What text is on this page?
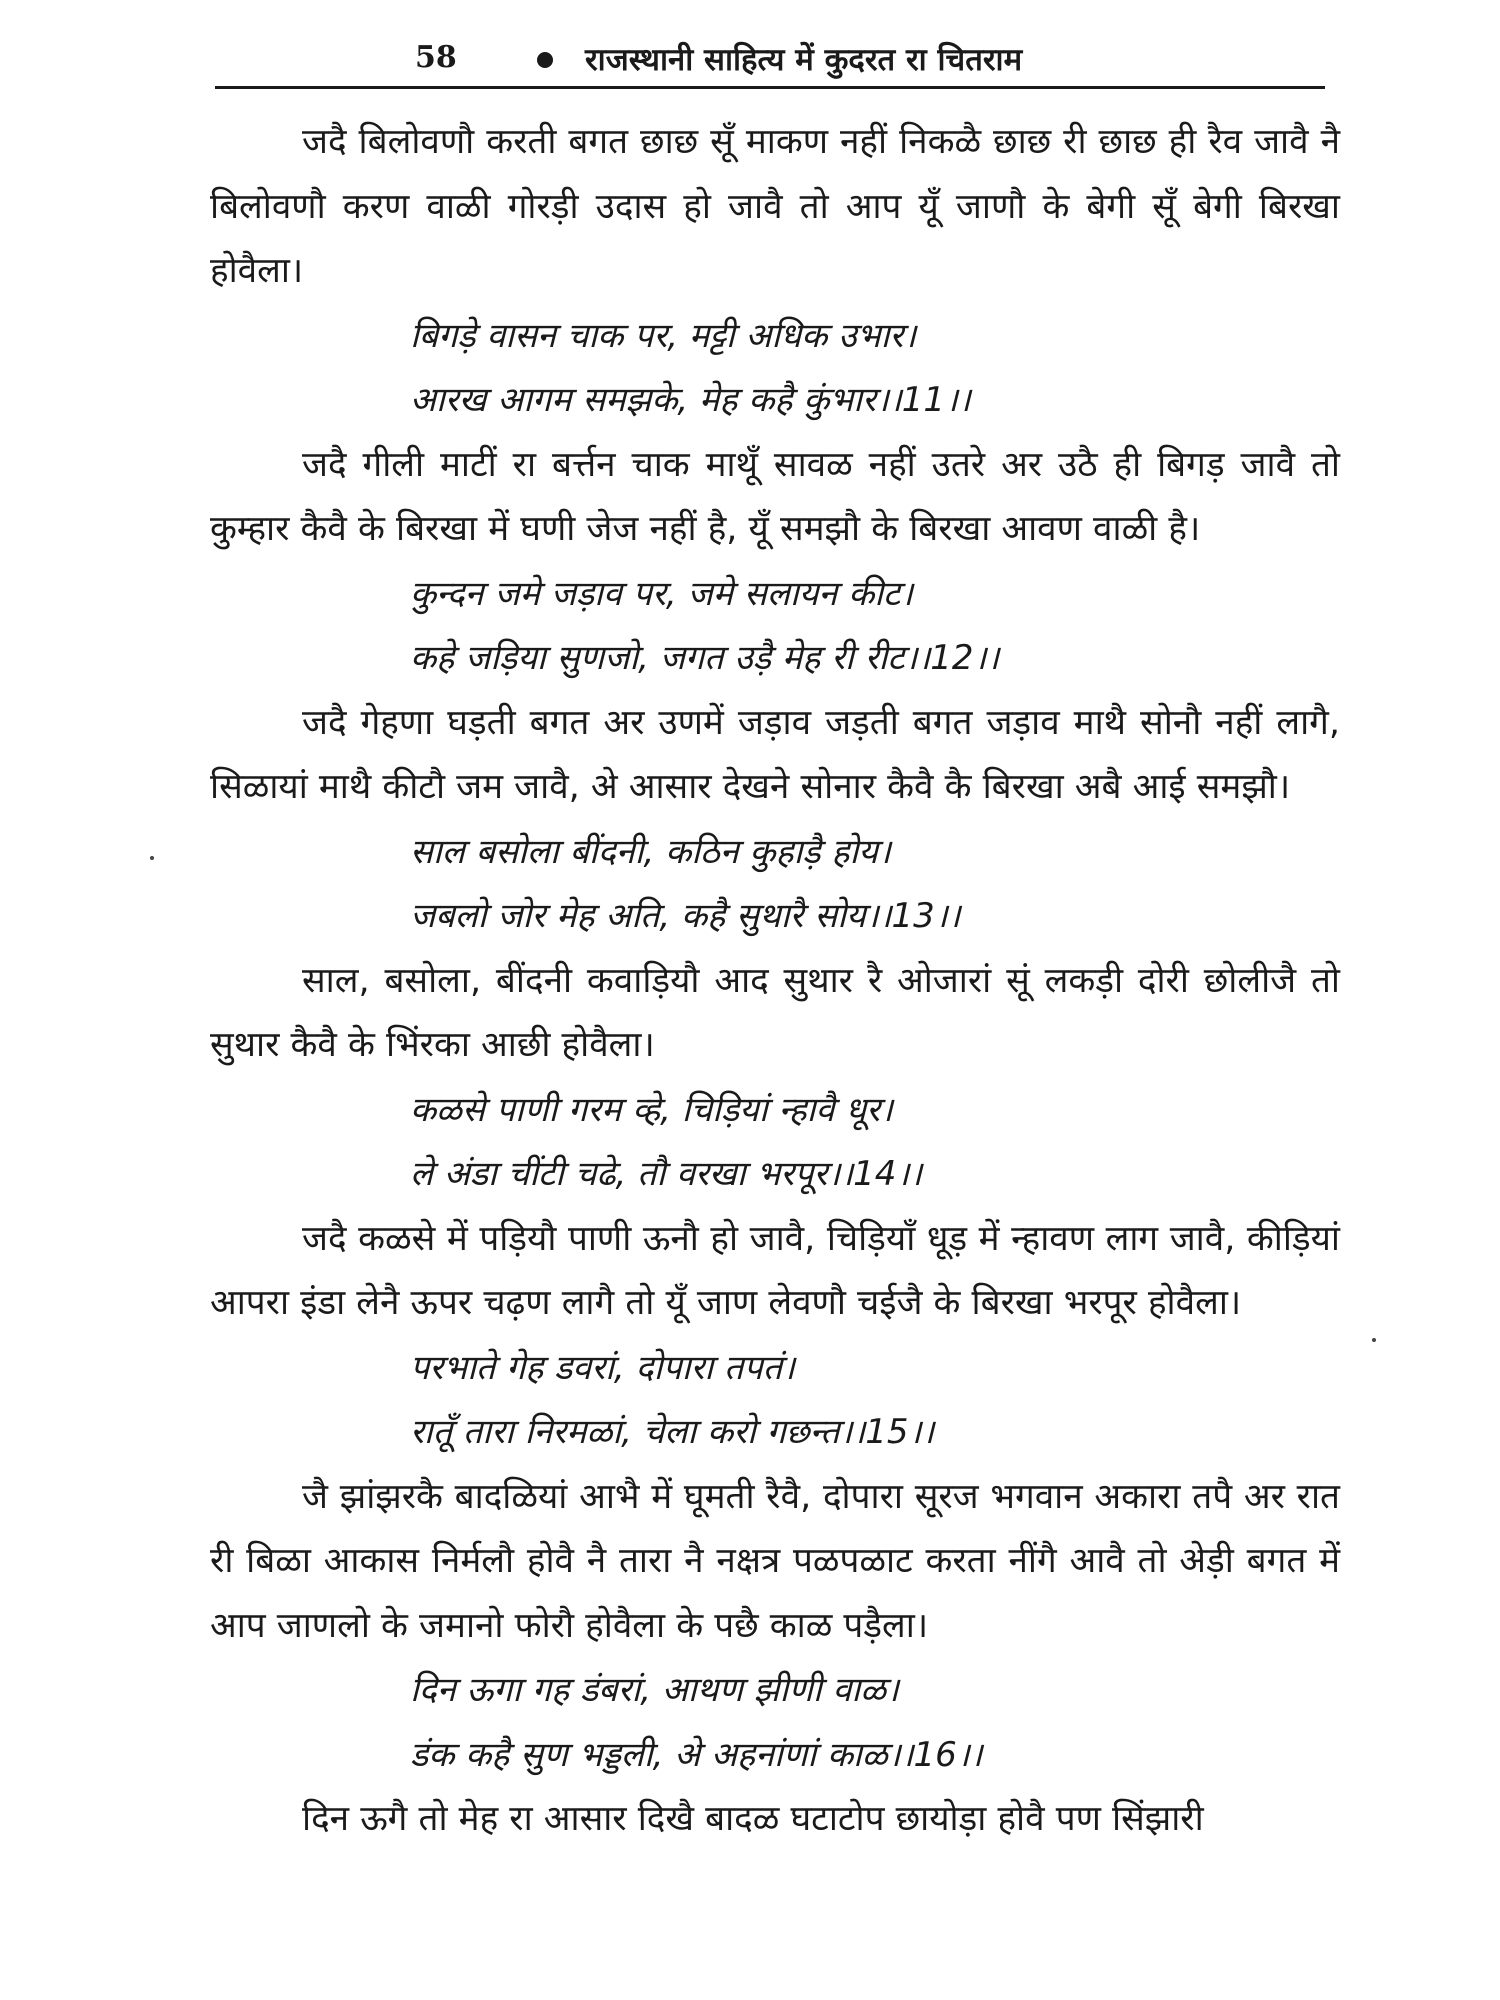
58	राजस्थानी साहित्य में कुदरत रा चितराम

जदै बिलोवणौ करती बगत छाछ सूँ माकण नहीं निकळै छाछ री छाछ ही रैव जावै नै बिलोवणौ करण वाळी गोरड़ी उदास हो जावै तो आप यूँ जाणौ के बेगी सूँ बेगी बिरखा होवैला।

बिगड़े वासन चाक पर, मट्टी अधिक उभार।

आरख आगम समझके, मेह कहै कुंभार।।11।।

जदै गीली माटीं रा बर्त्तन चाक माथूँ सावळ नहीं उतरे अर उठै ही बिगड़ जावै तो कुम्हार कैवै के बिरखा में घणी जेज नहीं है, यूँ समझौ के बिरखा आवण वाळी है।

कुन्दन जमे जड़ाव पर, जमे सलायन कीट।

कहे जड़िया सुणजो, जगत उड़ै मेह री रीट।।12।।

जदै गेहणा घड़ती बगत अर उणमें जड़ाव जड़ती बगत जड़ाव माथै सोनौ नहीं लागै, सिळायां माथै कीटौ जम जावै, अे आसार देखने सोनार कैवै कै बिरखा अबै आई समझौ।

साल बसोला बींदनी, कठिन कुहाड़ै होय।

जबलो जोर मेह अति, कहै सुथारै सोय।।13।।

साल, बसोला, बींदनी कवाड़ियौ आद सुथार रै ओजारां सूं लकड़ी दोरी छोलीजै तो सुथार कैवै के भिंरका आछी होवैला।

कळसे पाणी गरम व्हे, चिड़ियां न्हावै धूर।

ले अंडा चींटी चढे, तौ वरखा भरपूर।।14।।

जदै कळसे में पड़ियौ पाणी ऊनौ हो जावै, चिड़ियाँ धूड़ में न्हावण लाग जावै, कीड़ियां आपरा इंडा लेनै ऊपर चढ़ण लागै तो यूँ जाण लेवणौ चईजै के बिरखा भरपूर होवैला।

परभाते गेह डवरां, दोपारा तपतं।

रातूँ तारा निरमळां, चेला करो गछन्त।।15।।

जै झांझरकै बादळियां आभै में घूमती रैवै, दोपारा सूरज भगवान अकारा तपै अर रात री बिळा आकास निर्मलौ होवै नै तारा नै नक्षत्र पळपळाट करता नींगै आवै तो अेड़ी बगत में आप जाणलो के जमानो फोरौ होवैला के पछै काळ पड़ैला।

दिन ऊगा गह डंबरां, आथण झीणी वाळ।

डंक कहै सुण भड्डली, अे अहनांणां काळ।।16।।

दिन ऊगै तो मेह रा आसार दिखै बादळ घटाटोप छायोड़ा होवै पण सिंझारी
